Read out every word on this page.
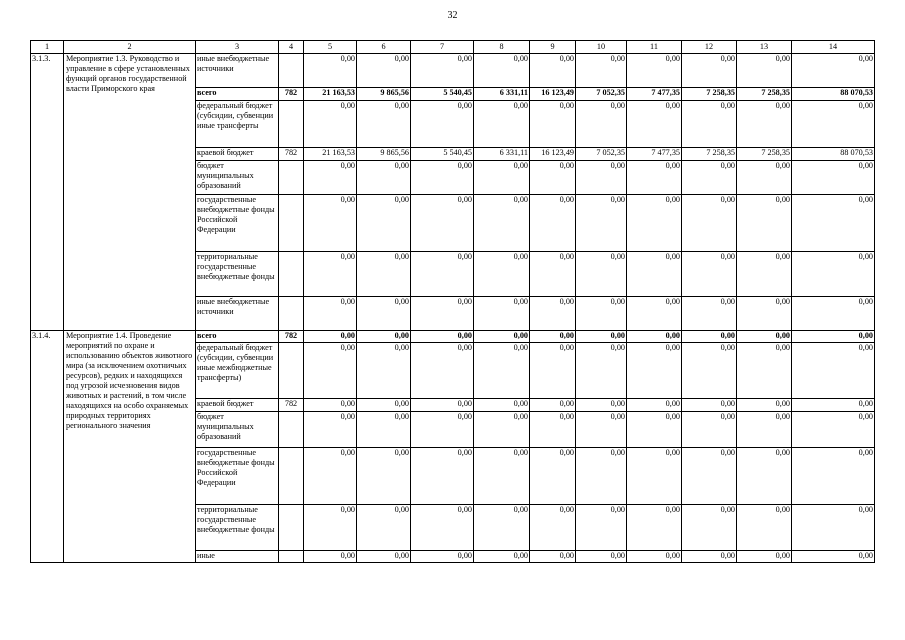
32
1	2	3	4	5	6	7	8	9	10	11	12	13	14
3.1.3.	Мероприятие 1.3. Руководство и управление в сфере установленных функций органов государственной власти Приморского края	иные внебюджетные источники		0,00	0,00	0,00	0,00	0,00	0,00	0,00	0,00	0,00	0,00
		всего	782	21 163,53	9 865,56	5 540,45	6 331,11	16 123,49	7 052,35	7 477,35	7 258,35	7 258,35	88 070,53
		федеральный бюджет (субсидии, субвенции иные трансферты		0,00	0,00	0,00	0,00	0,00	0,00	0,00	0,00	0,00	0,00
		краевой бюджет	782	21 163,53	9 865,56	5 540,45	6 331,11	16 123,49	7 052,35	7 477,35	7 258,35	7 258,35	88 070,53
		бюджет муниципальных образований		0,00	0,00	0,00	0,00	0,00	0,00	0,00	0,00	0,00	0,00
		государственные внебюджетные фонды Российской Федерации		0,00	0,00	0,00	0,00	0,00	0,00	0,00	0,00	0,00	0,00
		территориальные государственные внебюджетные фонды		0,00	0,00	0,00	0,00	0,00	0,00	0,00	0,00	0,00	0,00
		иные внебюджетные источники		0,00	0,00	0,00	0,00	0,00	0,00	0,00	0,00	0,00	0,00
3.1.4.	Мероприятие 1.4. Проведение мероприятий по охране и использованию объектов животного мира (за исключением охотничьих ресурсов), редких и находящихся под угрозой исчезновения видов животных и растений, в том числе находящихся на особо охраняемых природных территориях регионального значения	всего	782	0,00	0,00	0,00	0,00	0,00	0,00	0,00	0,00	0,00	0,00
		федеральный бюджет (субсидии, субвенции иные межбюджетные трансферты)		0,00	0,00	0,00	0,00	0,00	0,00	0,00	0,00	0,00	0,00
		краевой бюджет	782	0,00	0,00	0,00	0,00	0,00	0,00	0,00	0,00	0,00	0,00
		бюджет муниципальных образований		0,00	0,00	0,00	0,00	0,00	0,00	0,00	0,00	0,00	0,00
		государственные внебюджетные фонды Российской Федерации		0,00	0,00	0,00	0,00	0,00	0,00	0,00	0,00	0,00	0,00
		территориальные государственные внебюджетные фонды		0,00	0,00	0,00	0,00	0,00	0,00	0,00	0,00	0,00	0,00
		иные		0,00	0,00	0,00	0,00	0,00	0,00	0,00	0,00	0,00	0,00
